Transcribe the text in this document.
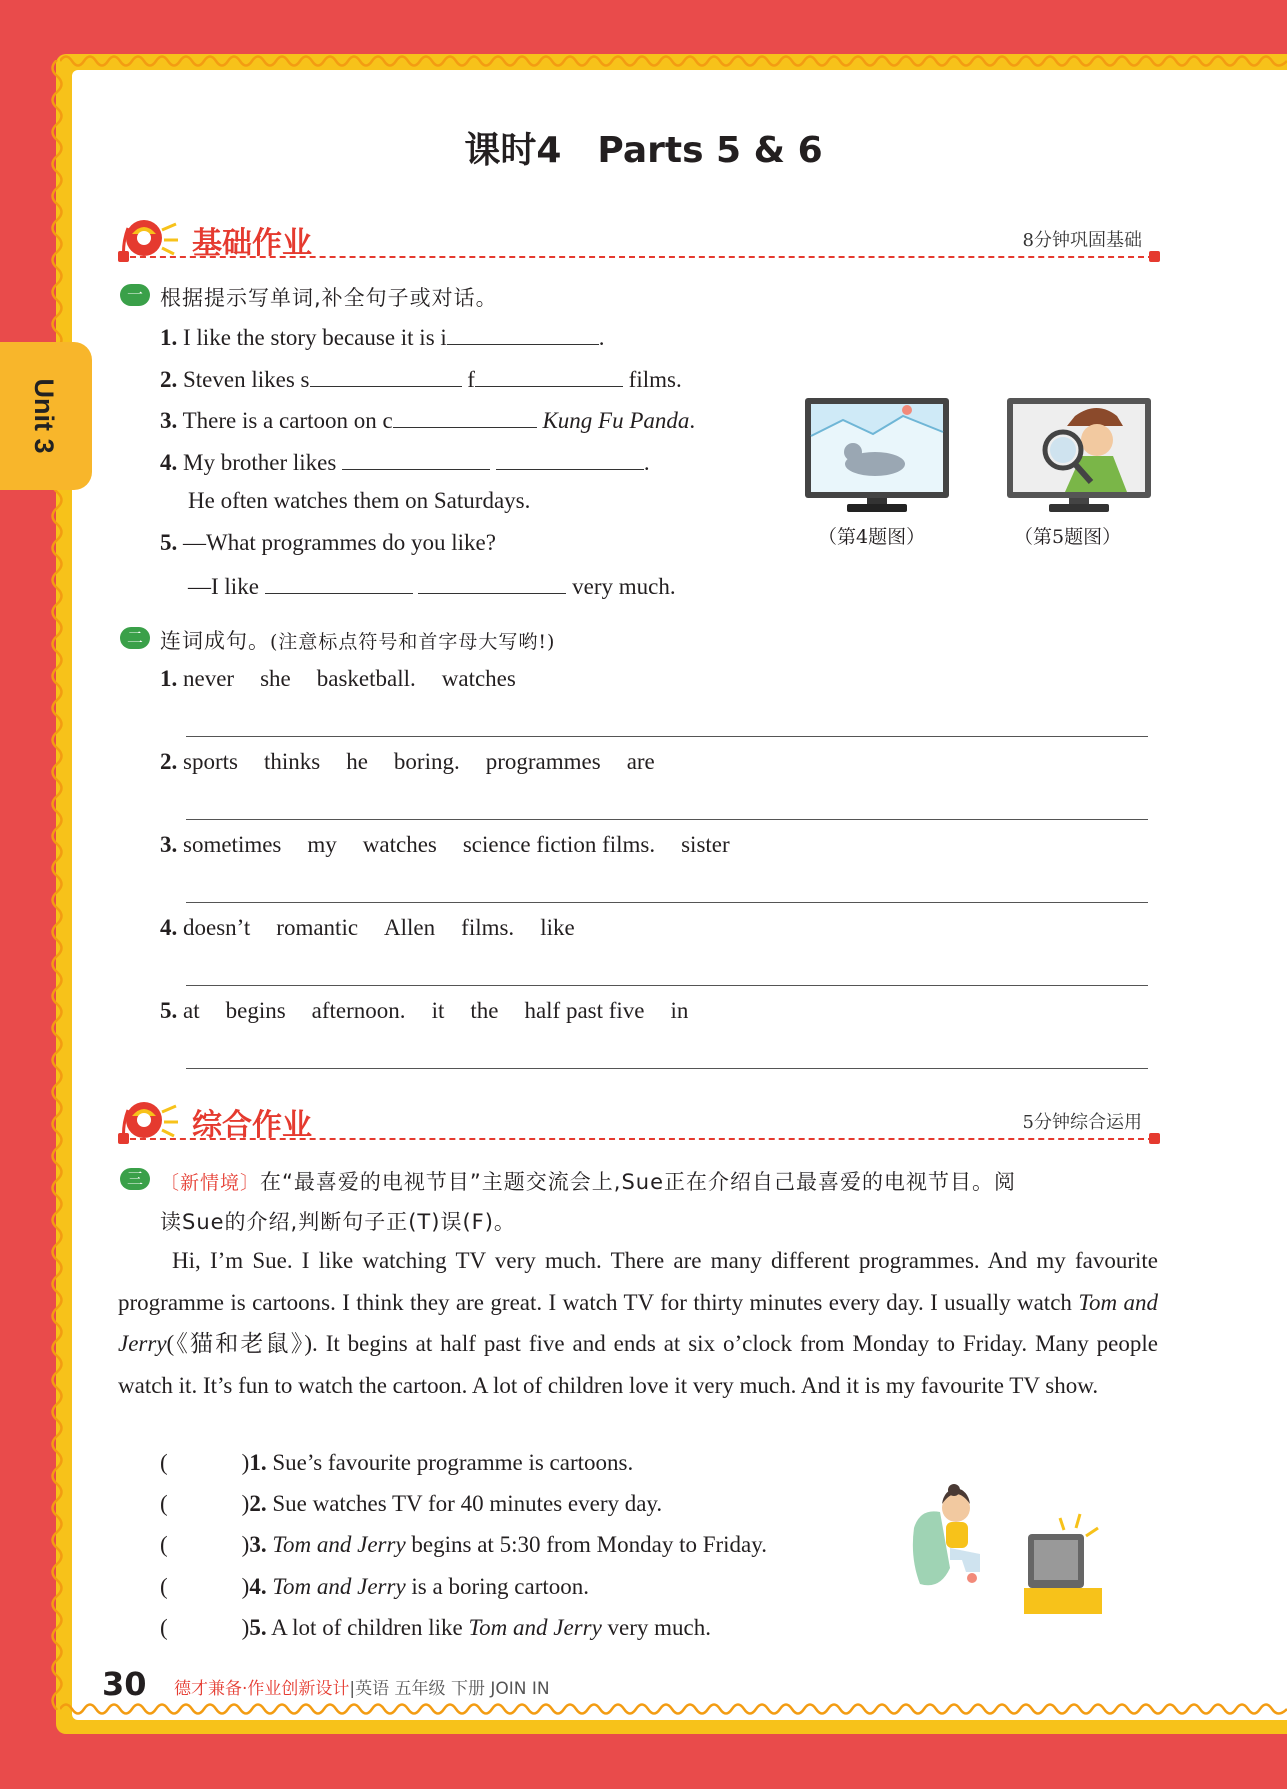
Unit 3
课时4　Parts 5 & 6
基础作业	8分钟巩固基础
一 根据提示写单词,补全句子或对话。
1. I like the story because it is i	.
2. Steven likes s	f	films.
3. There is a cartoon on c	Kung Fu Panda.
4. My brother likes	.
He often watches them on Saturdays.
5. —What programmes do you like?
—I like	very much.
（第4题图）	（第5题图）
二 连词成句。(注意标点符号和首字母大写哟!)
1. never she basketball. watches
2. sports thinks he boring. programmes are
3. sometimes my watches science fiction films. sister
4. doesn’t romantic Allen films. like
5. at begins afternoon. it the half past five in
综合作业	5分钟综合运用
三 〔新情境〕在“最喜爱的电视节目”主题交流会上,Sue正在介绍自己最喜爱的电视节目。阅
读Sue的介绍,判断句子正(T)误(F)。
Hi, I’m Sue. I like watching TV very much. There are many different programmes. And my favourite programme is cartoons. I think they are great. I watch TV for thirty minutes every day. I usually watch Tom and Jerry(《猫和老鼠》). It begins at half past five and ends at six o’clock from Monday to Friday. Many people watch it. It’s fun to watch the cartoon. A lot of children love it very much. And it is my favourite TV show.
(	)1. Sue’s favourite programme is cartoons.
(	)2. Sue watches TV for 40 minutes every day.
(	)3. Tom and Jerry begins at 5:30 from Monday to Friday.
(	)4. Tom and Jerry is a boring cartoon.
(	)5. A lot of children like Tom and Jerry very much.
30 德才兼备·作业创新设计|英语 五年级 下册 JOIN IN
